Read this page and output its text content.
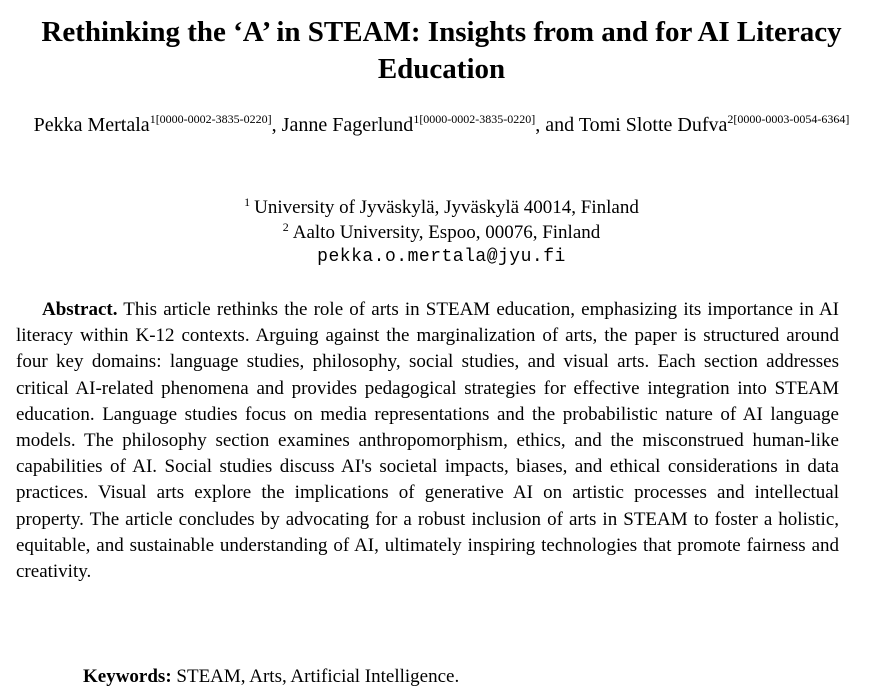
Rethinking the ‘A’ in STEAM: Insights from and for AI Literacy Education
Pekka Mertala$^{1[0000-0002-3835-0220]}$, Janne Fagerlund$^{1[0000-0002-3835-0220]}$, and Tomi Slotte Dufva$^{2[0000-0003-0054-6364]}$
$^1$ University of Jyväskylä, Jyväskylä 40014, Finland
$^2$ Aalto University, Espoo, 00076, Finland
pekka.o.mertala@jyu.fi
Abstract. This article rethinks the role of arts in STEAM education, emphasizing its importance in AI literacy within K-12 contexts. Arguing against the marginalization of arts, the paper is structured around four key domains: language studies, philosophy, social studies, and visual arts. Each section addresses critical AI-related phenomena and provides pedagogical strategies for effective integration into STEAM education. Language studies focus on media representations and the probabilistic nature of AI language models. The philosophy section examines anthropomorphism, ethics, and the misconstrued human-like capabilities of AI. Social studies discuss AI's societal impacts, biases, and ethical considerations in data practices. Visual arts explore the implications of generative AI on artistic processes and intellectual property. The article concludes by advocating for a robust inclusion of arts in STEAM to foster a holistic, equitable, and sustainable understanding of AI, ultimately inspiring technologies that promote fairness and creativity.
Keywords: STEAM, Arts, Artificial Intelligence.
